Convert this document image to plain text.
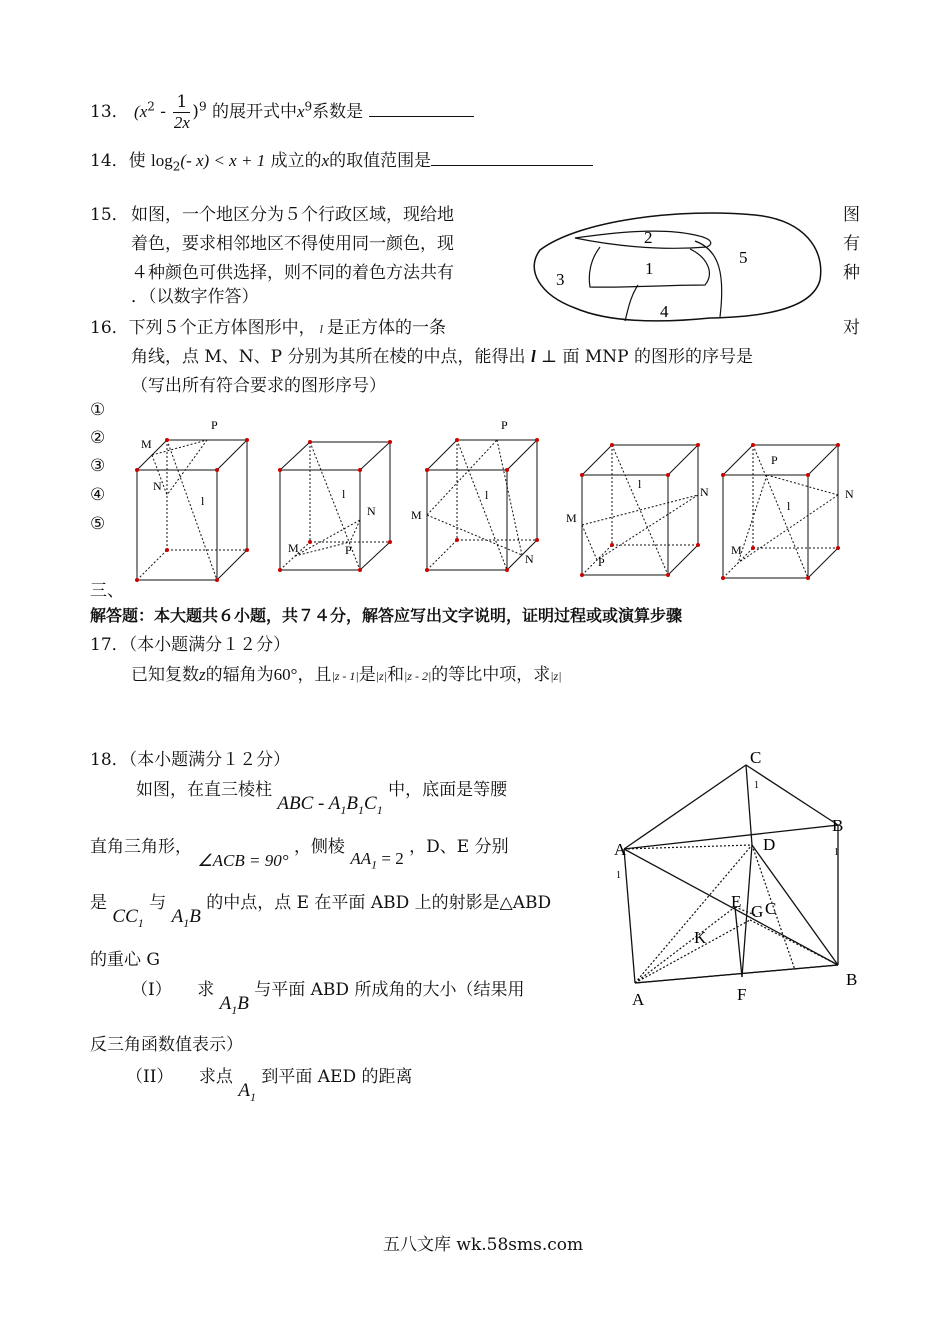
13． $(x^2 - \frac{1}{2x} )^9$ 的展开式中$x^9$系数是
14．使 $\log_2(-$ x) < x + 1 成立的x的取值范围是
15． 如图，一个地区分为５个行政区域，现给地	图
着色，要求相邻地区不得使用同一颜色，现	有
４种颜色可供选择，则不同的着色方法共有	种
．（以数字作答）
2
1
5
3
4
16．下列５个正方体图形中， l 是正方体的一条	对
角线，点 M、N、P 分别为其所在棱的中点，能得出 l ⊥ 面 MNP 的图形的序号是
（写出所有符合要求的图形序号）
①
②
③
④
⑤
M
P
N
l	l
N
M	P
P
l
M
N
l
N
M
P
P
l
N
M
三、
解答题：本大题共６小题，共７４分，解答应写出文字说明，证明过程或或演算步骤
17．（本小题满分１２分）
已知复数z的辐角为60°，且|z - 1|是|z|和|z - 2|的等比中项，求|z|
18．（本小题满分１２分）
如图，在直三棱柱 ABC - $A_1B_1C_1$ 中，底面是等腰
直角三角形， ∠ACB = 90° ，侧棱 $AA_1 = 2$ ，D、E 分别
是 $CC_1$ 与 $A_1B$ 的中点，点 E 在平面 ABD 上的射影是△ABD
的重心 G
（I）　　求 $A_1B$ 与平面 ABD 所成角的大小（结果用
反三角函数值表示）
（II）　　求点 $A_1$ 到平面 AED 的距离
C
1
B
1
A
1
D
E
G C
K
A	F
B
五八文库 wk.58sms.com
